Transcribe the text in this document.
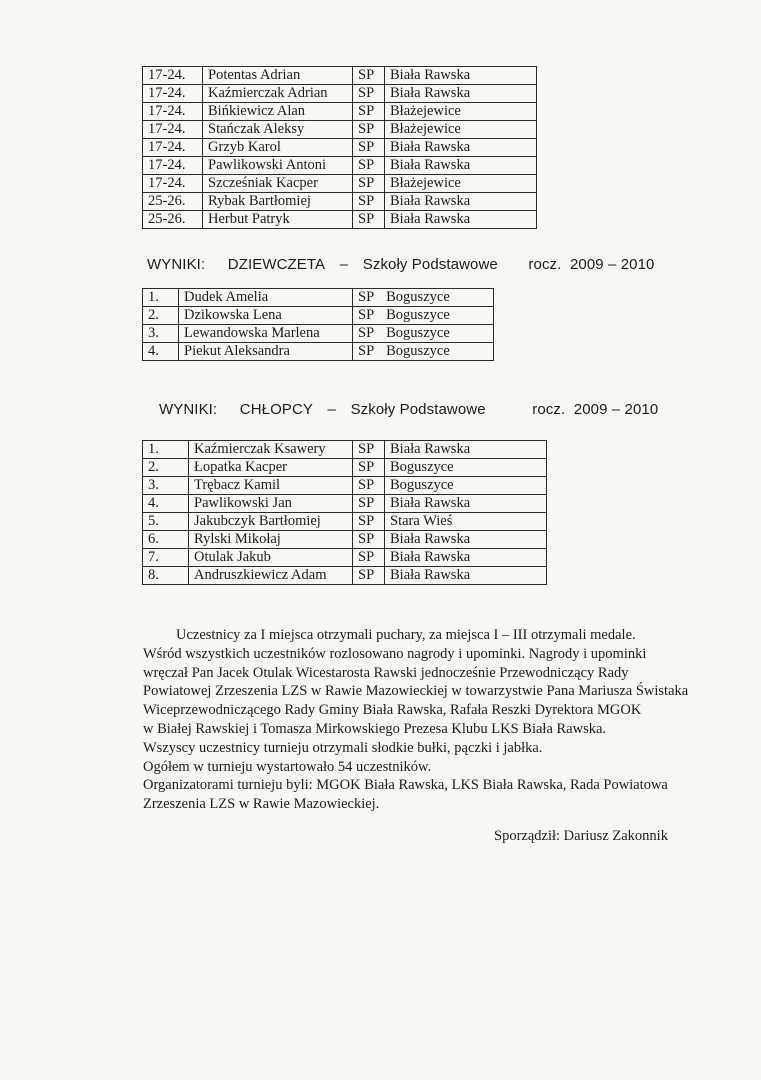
17-24.	Potentas Adrian	SP	Biała Rawska
17-24.	Kaźmierczak Adrian	SP	Biała Rawska
17-24.	Bińkiewicz Alan	SP	Błażejewice
17-24.	Stańczak Aleksy	SP	Błażejewice
17-24.	Grzyb Karol	SP	Biała Rawska
17-24.	Pawlikowski Antoni	SP	Biała Rawska
17-24.	Szcześniak Kacper	SP	Błażejewice
25-26.	Rybak Bartłomiej	SP	Biała Rawska
25-26.	Herbut Patryk	SP	Biała Rawska
WYNIKI: DZIEWCZETA – Szkoły Podstawowe rocz.  2009 – 2010
1.	Dudek Amelia	SP Boguszyce
2.	Dzikowska Lena	SP Boguszyce
3.	Lewandowska Marlena	SP Boguszyce
4.	Piekut Aleksandra	SP Boguszyce
WYNIKI: CHŁOPCY – Szkoły Podstawowe	rocz.  2009 – 2010
1.	Kaźmierczak Ksawery	SP	Biała Rawska
2.	Łopatka Kacper	SP	Boguszyce
3.	Trębacz Kamil	SP	Boguszyce
4.	Pawlikowski Jan	SP	Biała Rawska
5.	Jakubczyk Bartłomiej	SP	Stara Wieś
6.	Rylski Mikołaj	SP	Biała Rawska
7.	Otulak Jakub	SP	Biała Rawska
8.	Andruszkiewicz Adam	SP	Biała Rawska

Uczestnicy za I miejsca otrzymali puchary, za miejsca I – III otrzymali medale.

Wśród wszystkich uczestników rozlosowano nagrody i upominki. Nagrody i upominki

wręczał Pan Jacek Otulak Wicestarosta Rawski jednocześnie Przewodniczący Rady

Powiatowej Zrzeszenia LZS w Rawie Mazowieckiej w towarzystwie Pana Mariusza Świstaka

Wiceprzewodniczącego Rady Gminy Biała Rawska, Rafała Reszki Dyrektora MGOK

w Białej Rawskiej i Tomasza Mirkowskiego Prezesa Klubu LKS Biała Rawska.

Wszyscy uczestnicy turnieju otrzymali słodkie bułki, pączki i jabłka.

Ogółem w turnieju wystartowało 54 uczestników.

Organizatorami turnieju byli: MGOK Biała Rawska, LKS Biała Rawska, Rada Powiatowa

Zrzeszenia LZS w Rawie Mazowieckiej.

Sporządził: Dariusz Zakonnik
